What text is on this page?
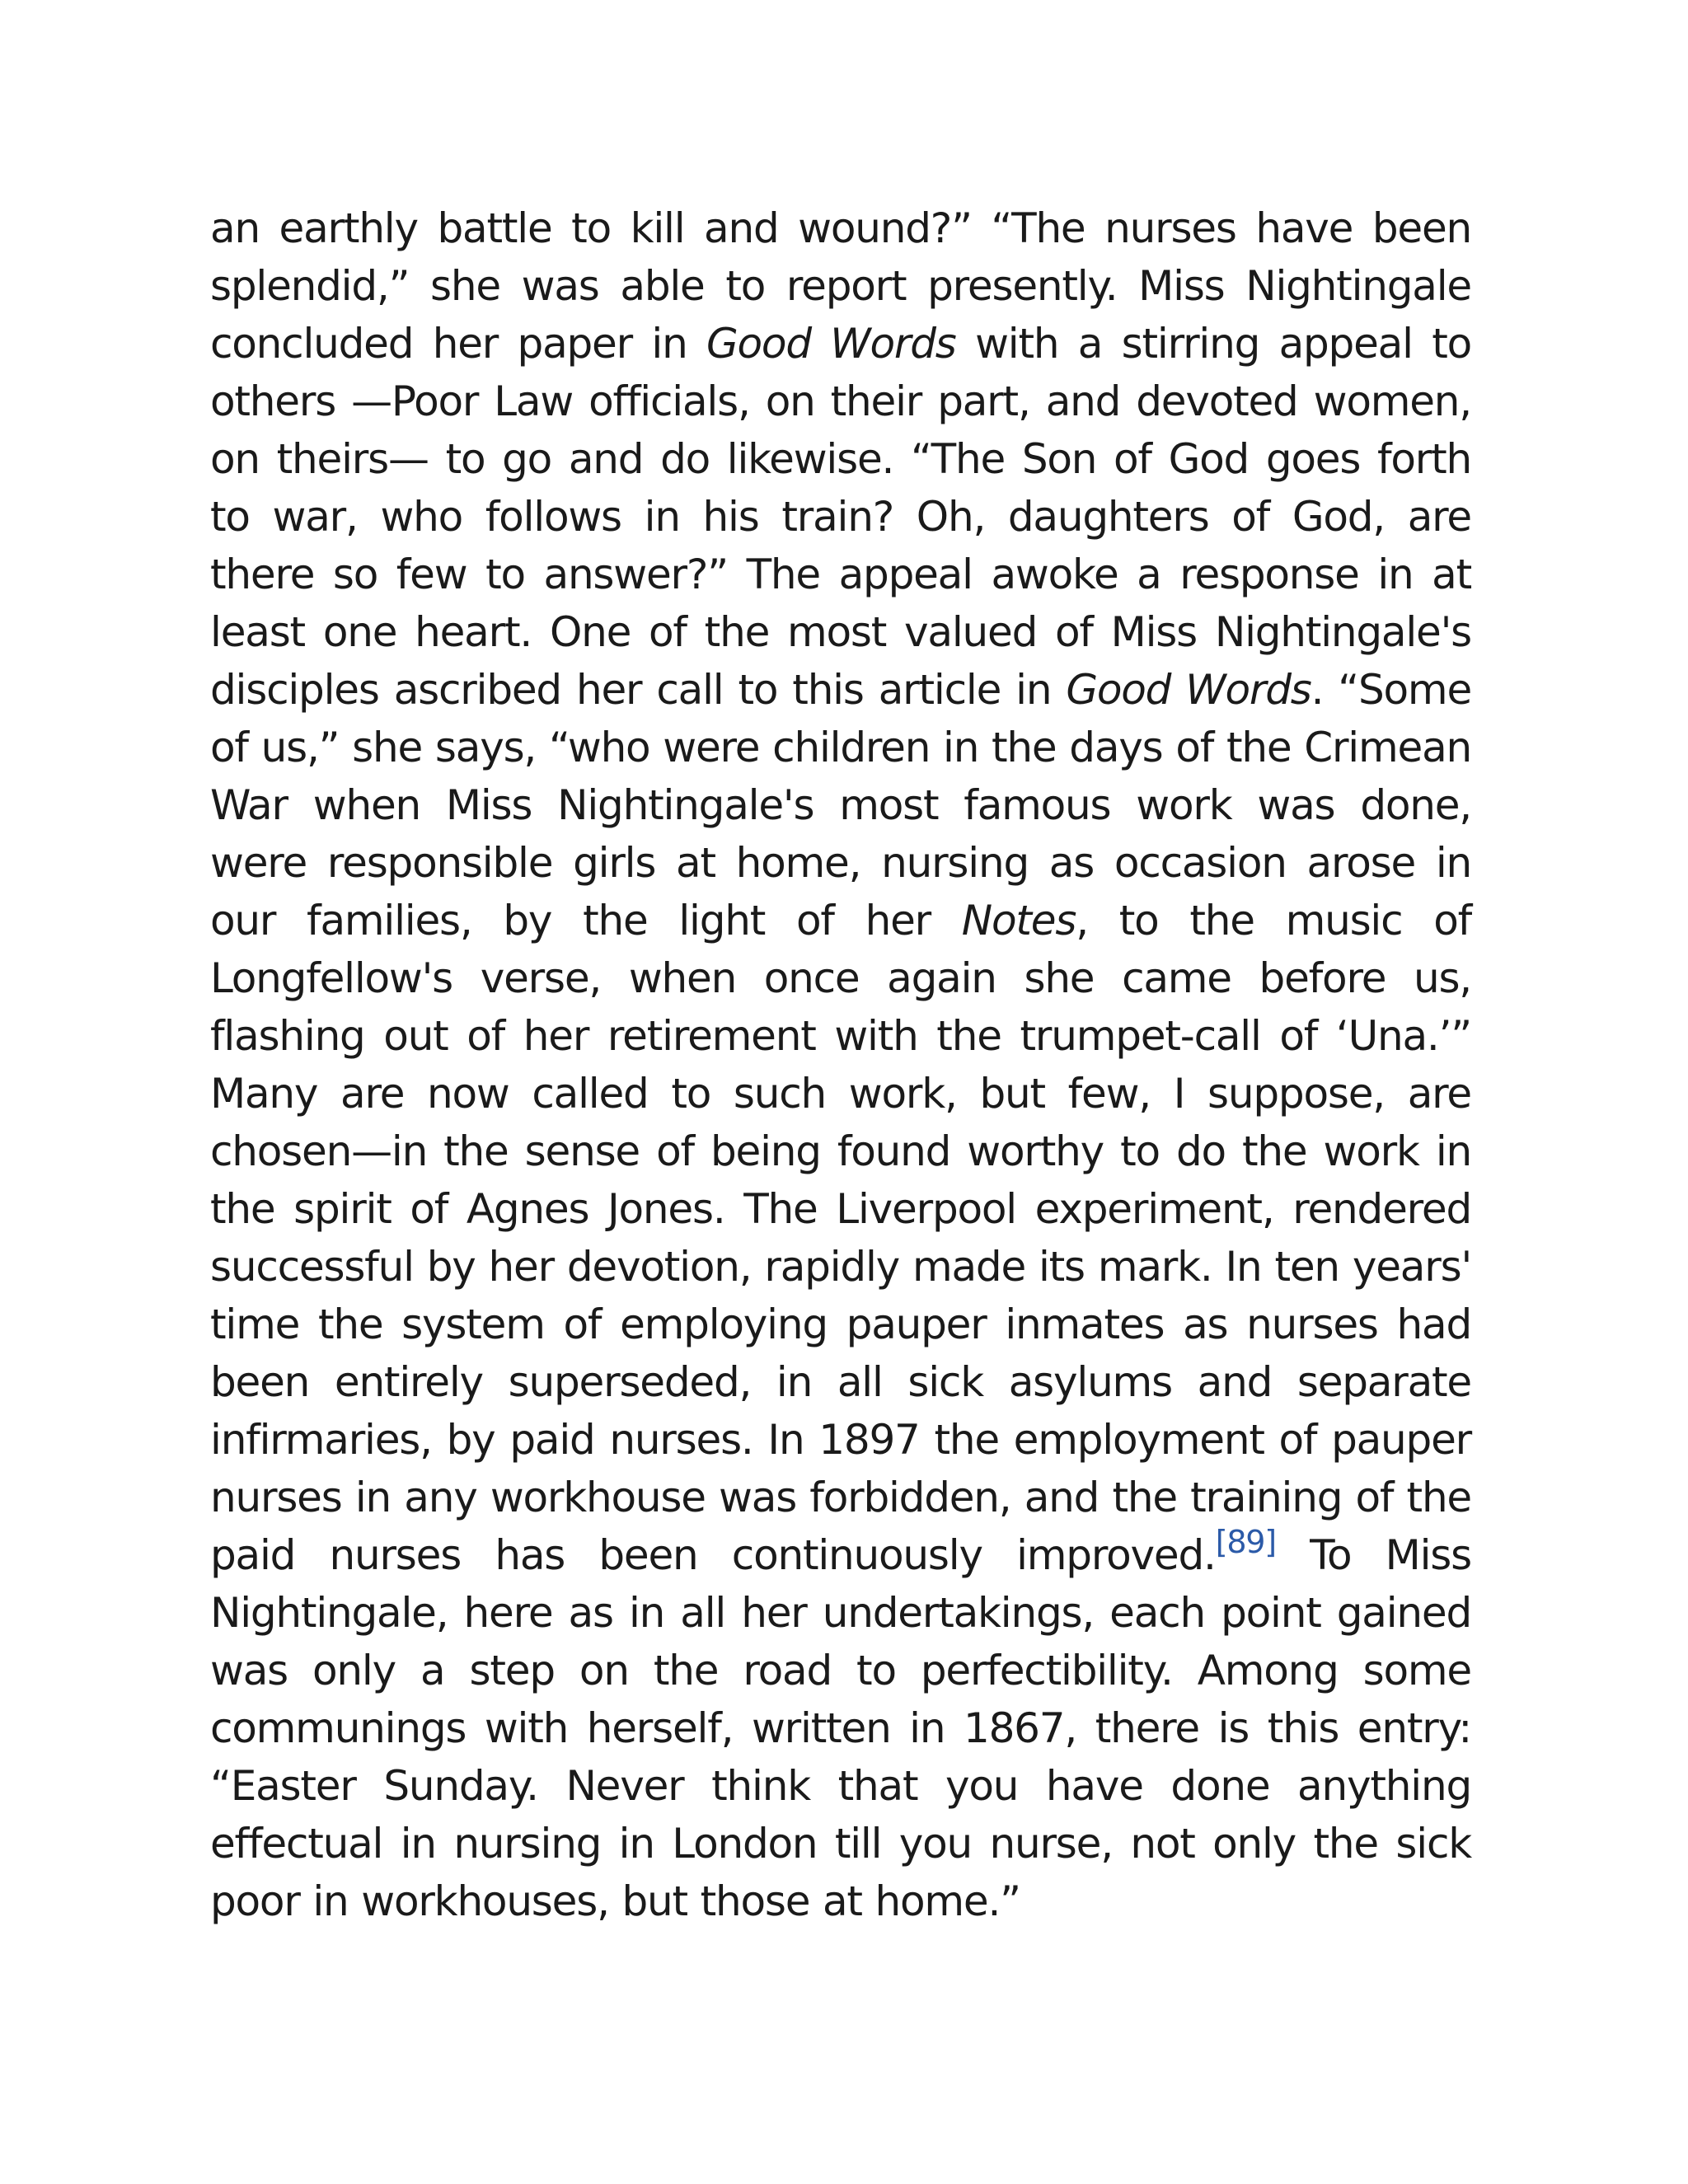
an earthly battle to kill and wound?” “The nurses have been splendid,” she was able to report presently. Miss Nightingale concluded her paper in Good Words with a stirring appeal to others —Poor Law officials, on their part, and devoted women, on theirs— to go and do likewise. “The Son of God goes forth to war, who follows in his train? Oh, daughters of God, are there so few to answer?” The appeal awoke a response in at least one heart. One of the most valued of Miss Nightingale's disciples ascribed her call to this article in Good Words. “Some of us,” she says, “who were children in the days of the Crimean War when Miss Nightingale's most famous work was done, were responsible girls at home, nursing as occasion arose in our families, by the light of her Notes, to the music of Longfellow's verse, when once again she came before us, flashing out of her retirement with the trumpet-call of ‘Una.’” Many are now called to such work, but few, I suppose, are chosen—in the sense of being found worthy to do the work in the spirit of Agnes Jones. The Liverpool experiment, rendered successful by her devotion, rapidly made its mark. In ten years' time the system of employing pauper inmates as nurses had been entirely superseded, in all sick asylums and separate infirmaries, by paid nurses. In 1897 the employment of pauper nurses in any workhouse was forbidden, and the training of the paid nurses has been continuously improved.[89] To Miss Nightingale, here as in all her undertakings, each point gained was only a step on the road to perfectibility. Among some communings with herself, written in 1867, there is this entry: “Easter Sunday. Never think that you have done anything effectual in nursing in London till you nurse, not only the sick poor in workhouses, but those at home.”
